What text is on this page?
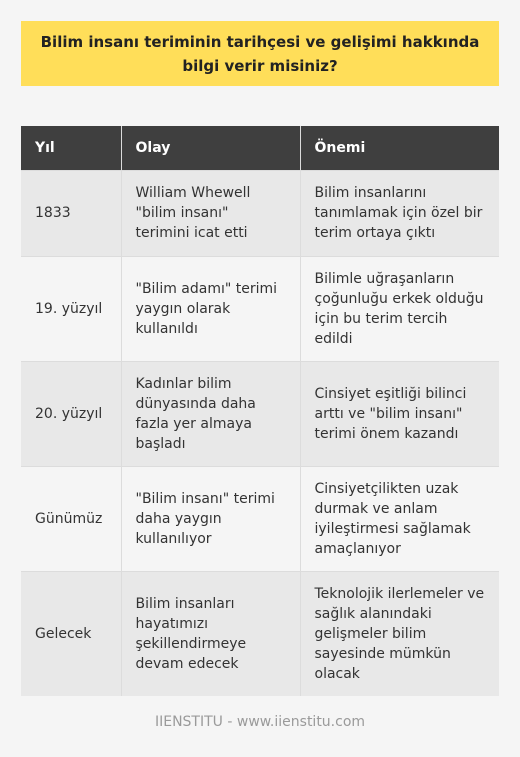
Bilim insanı teriminin tarihçesi ve gelişimi hakkında bilgi verir misiniz?
Yıl	Olay	Önemi
1833	William Whewell "bilim insanı" terimini icat etti	Bilim insanlarını tanımlamak için özel bir terim ortaya çıktı
19. yüzyıl	"Bilim adamı" terimi yaygın olarak kullanıldı	Bilimle uğraşanların çoğunluğu erkek olduğu için bu terim tercih edildi
20. yüzyıl	Kadınlar bilim dünyasında daha fazla yer almaya başladı	Cinsiyet eşitliği bilinci arttı ve "bilim insanı" terimi önem kazandı
Günümüz	"Bilim insanı" terimi daha yaygın kullanılıyor	Cinsiyetçilikten uzak durmak ve anlam iyileştirmesi sağlamak amaçlanıyor
Gelecek	Bilim insanları hayatımızı şekillendirmeye devam edecek	Teknolojik ilerlemeler ve sağlık alanındaki gelişmeler bilim sayesinde mümkün olacak
IIENSTITU - www.iienstitu.com
